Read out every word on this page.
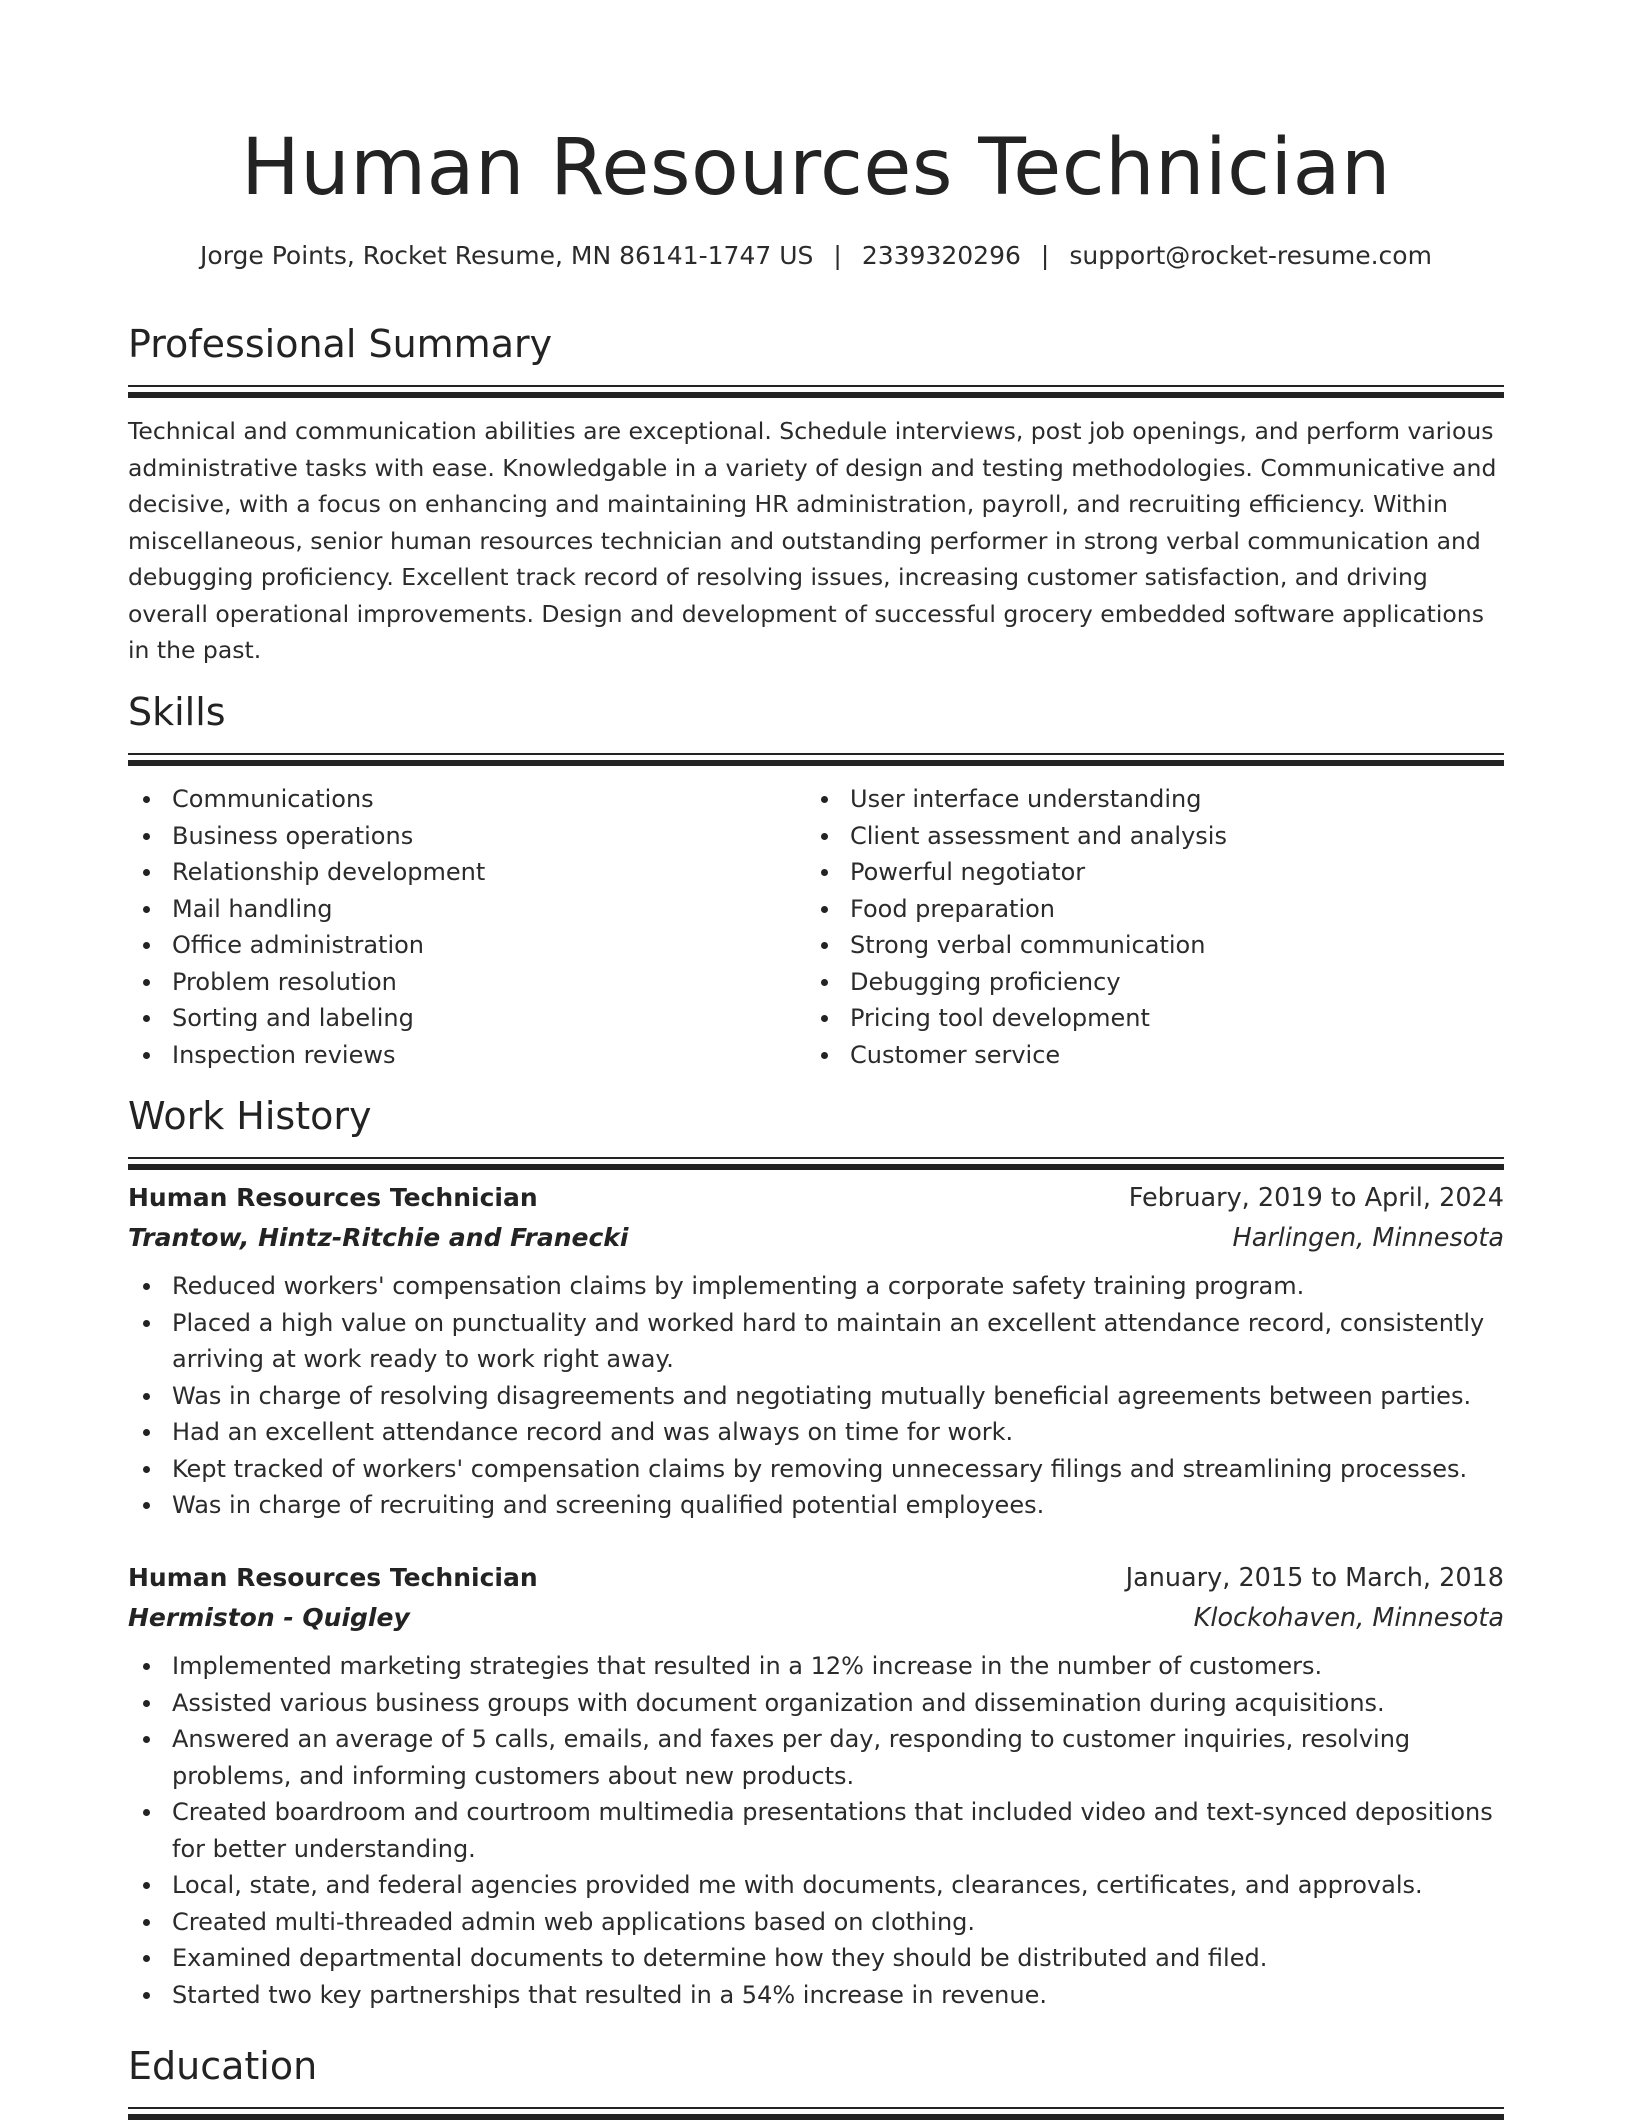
Human Resources Technician
Jorge Points, Rocket Resume, MN 86141-1747 US | 2339320296 | support@rocket-resume.com
Professional Summary
Technical and communication abilities are exceptional. Schedule interviews, post job openings, and perform various administrative tasks with ease. Knowledgable in a variety of design and testing methodologies. Communicative and decisive, with a focus on enhancing and maintaining HR administration, payroll, and recruiting efficiency. Within miscellaneous, senior human resources technician and outstanding performer in strong verbal communication and debugging proficiency. Excellent track record of resolving issues, increasing customer satisfaction, and driving overall operational improvements. Design and development of successful grocery embedded software applications in the past.
Skills
Communications
Business operations
Relationship development
Mail handling
Office administration
Problem resolution
Sorting and labeling
Inspection reviews
User interface understanding
Client assessment and analysis
Powerful negotiator
Food preparation
Strong verbal communication
Debugging proficiency
Pricing tool development
Customer service
Work History
Human Resources Technician	February, 2019 to April, 2024
Trantow, Hintz-Ritchie and Franecki	Harlingen, Minnesota
Reduced workers' compensation claims by implementing a corporate safety training program.
Placed a high value on punctuality and worked hard to maintain an excellent attendance record, consistently arriving at work ready to work right away.
Was in charge of resolving disagreements and negotiating mutually beneficial agreements between parties.
Had an excellent attendance record and was always on time for work.
Kept tracked of workers' compensation claims by removing unnecessary filings and streamlining processes.
Was in charge of recruiting and screening qualified potential employees.
Human Resources Technician	January, 2015 to March, 2018
Hermiston - Quigley	Klockohaven, Minnesota
Implemented marketing strategies that resulted in a 12% increase in the number of customers.
Assisted various business groups with document organization and dissemination during acquisitions.
Answered an average of 5 calls, emails, and faxes per day, responding to customer inquiries, resolving problems, and informing customers about new products.
Created boardroom and courtroom multimedia presentations that included video and text-synced depositions for better understanding.
Local, state, and federal agencies provided me with documents, clearances, certificates, and approvals.
Created multi-threaded admin web applications based on clothing.
Examined departmental documents to determine how they should be distributed and filed.
Started two key partnerships that resulted in a 54% increase in revenue.
Education
